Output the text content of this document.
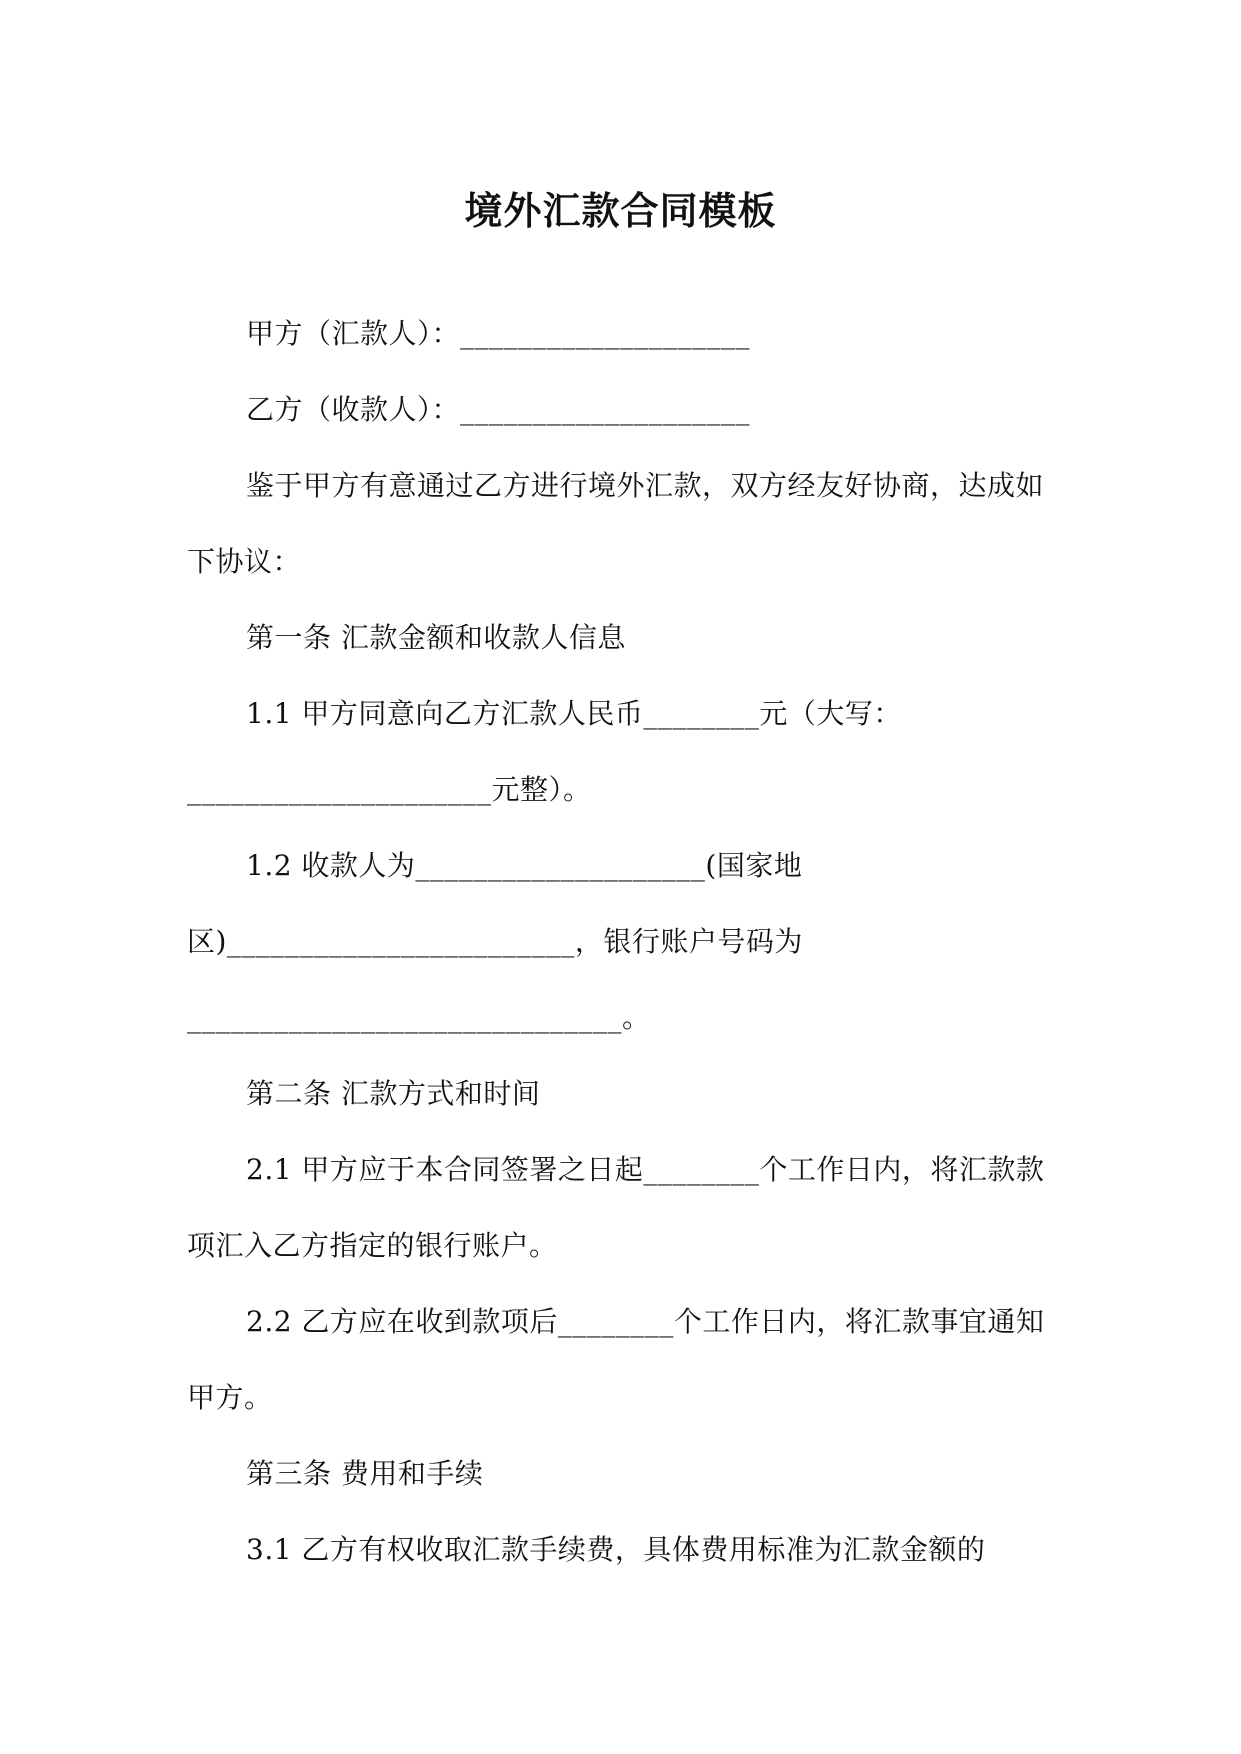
境外汇款合同模板
甲方（汇款人）：____________________
乙方（收款人）：____________________
鉴于甲方有意通过乙方进行境外汇款，双方经友好协商，达成如
下协议：
第一条 汇款金额和收款人信息
1.1 甲方同意向乙方汇款人民币________元（大写：
_____________________元整）。
1.2 收款人为____________________(国家地
区)________________________，银行账户号码为
______________________________。
第二条 汇款方式和时间
2.1 甲方应于本合同签署之日起________个工作日内，将汇款款
项汇入乙方指定的银行账户。
2.2 乙方应在收到款项后________个工作日内，将汇款事宜通知
甲方。
第三条 费用和手续
3.1 乙方有权收取汇款手续费，具体费用标准为汇款金额的
